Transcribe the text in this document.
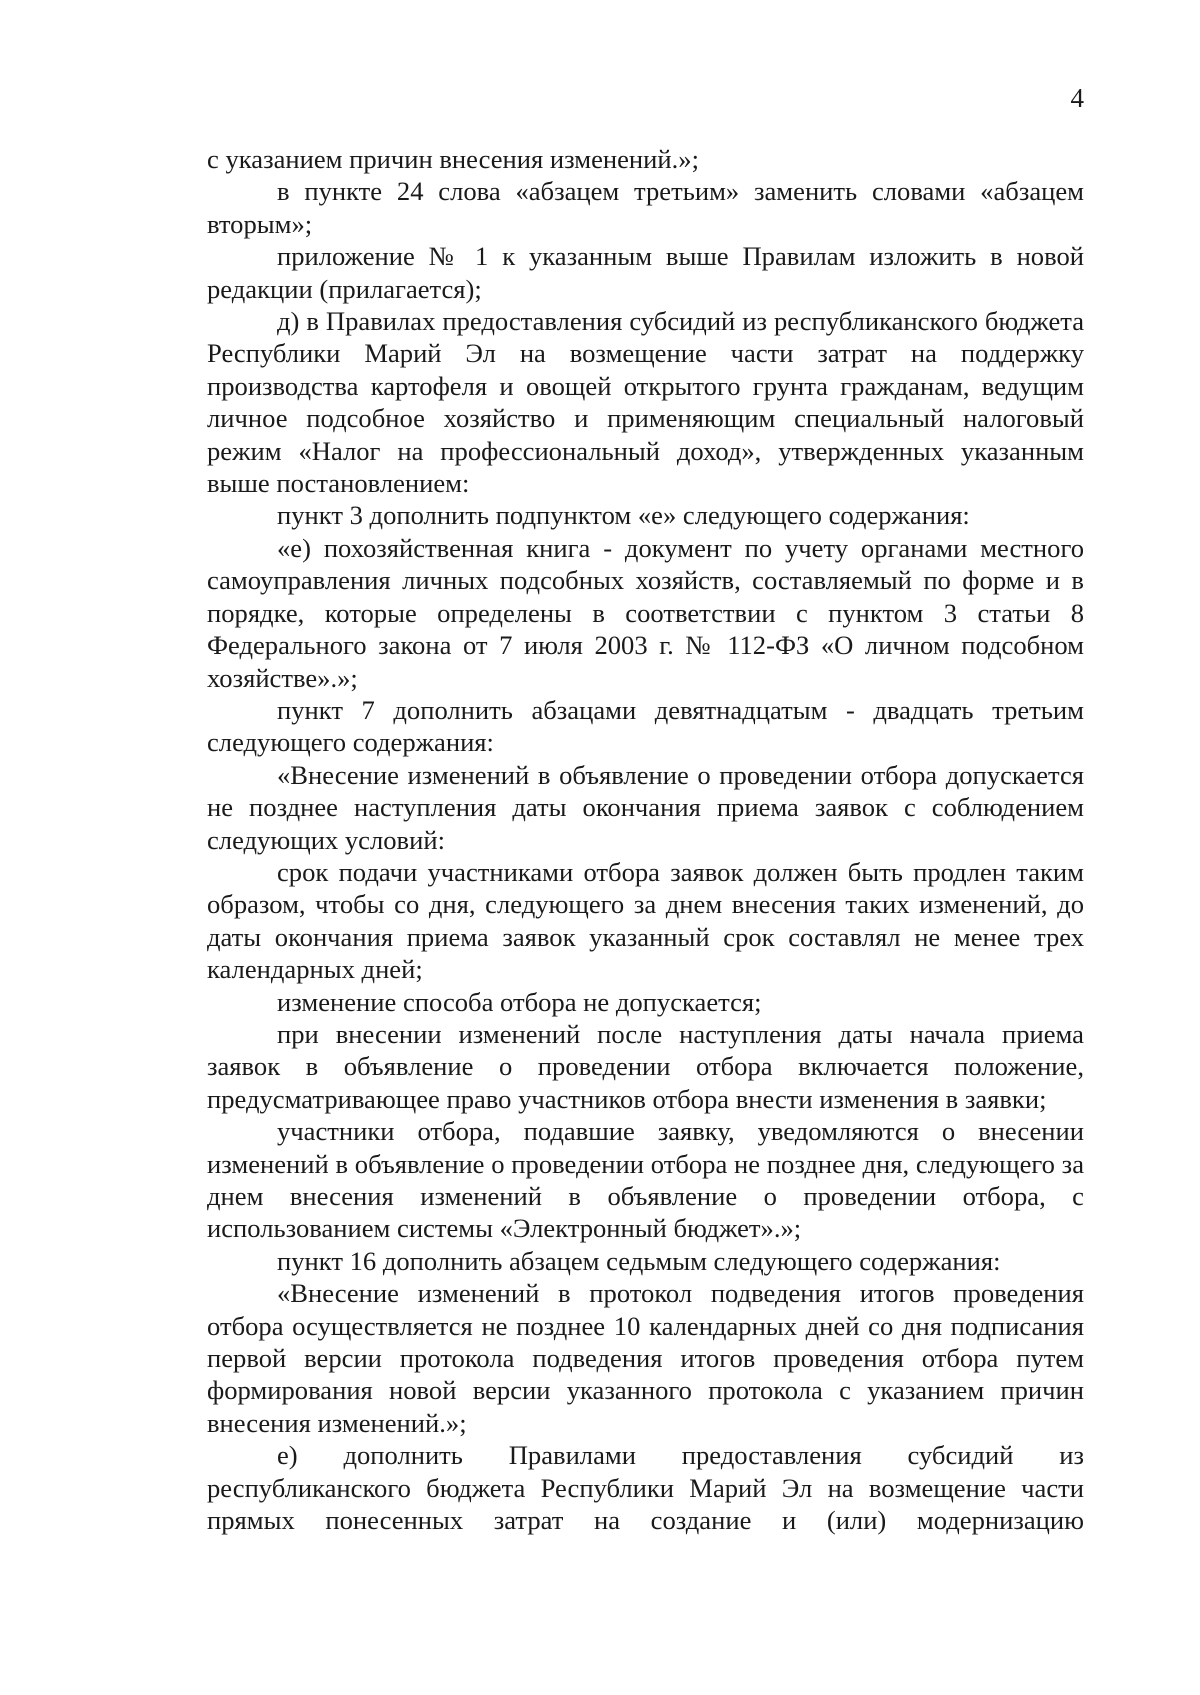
4

с указанием причин внесения изменений.»;

в пункте 24 слова «абзацем третьим» заменить словами «абзацем вторым»;

приложение № 1 к указанным выше Правилам изложить в новой редакции (прилагается);

д) в Правилах предоставления субсидий из республиканского бюджета Республики Марий Эл на возмещение части затрат на поддержку производства картофеля и овощей открытого грунта гражданам, ведущим личное подсобное хозяйство и применяющим специальный налоговый режим «Налог на профессиональный доход», утвержденных указанным выше постановлением:

пункт 3 дополнить подпунктом «е» следующего содержания:

«е) похозяйственная книга - документ по учету органами местного самоуправления личных подсобных хозяйств, составляемый по форме и в порядке, которые определены в соответствии с пунктом 3 статьи 8 Федерального закона от 7 июля 2003 г. № 112-ФЗ «О личном подсобном хозяйстве».»;

пункт 7 дополнить абзацами девятнадцатым - двадцать третьим следующего содержания:

«Внесение изменений в объявление о проведении отбора допускается не позднее наступления даты окончания приема заявок с соблюдением следующих условий:

срок подачи участниками отбора заявок должен быть продлен таким образом, чтобы со дня, следующего за днем внесения таких изменений, до даты окончания приема заявок указанный срок составлял не менее трех календарных дней;

изменение способа отбора не допускается;

при внесении изменений после наступления даты начала приема заявок в объявление о проведении отбора включается положение, предусматривающее право участников отбора внести изменения в заявки;

участники отбора, подавшие заявку, уведомляются о внесении изменений в объявление о проведении отбора не позднее дня, следующего за днем внесения изменений в объявление о проведении отбора, с использованием системы «Электронный бюджет».»;

пункт 16 дополнить абзацем седьмым следующего содержания:

«Внесение изменений в протокол подведения итогов проведения отбора осуществляется не позднее 10 календарных дней со дня подписания первой версии протокола подведения итогов проведения отбора путем формирования новой версии указанного протокола с указанием причин внесения изменений.»;

е) дополнить Правилами предоставления субсидий из республиканского бюджета Республики Марий Эл на возмещение части прямых понесенных затрат на создание и (или) модернизацию
